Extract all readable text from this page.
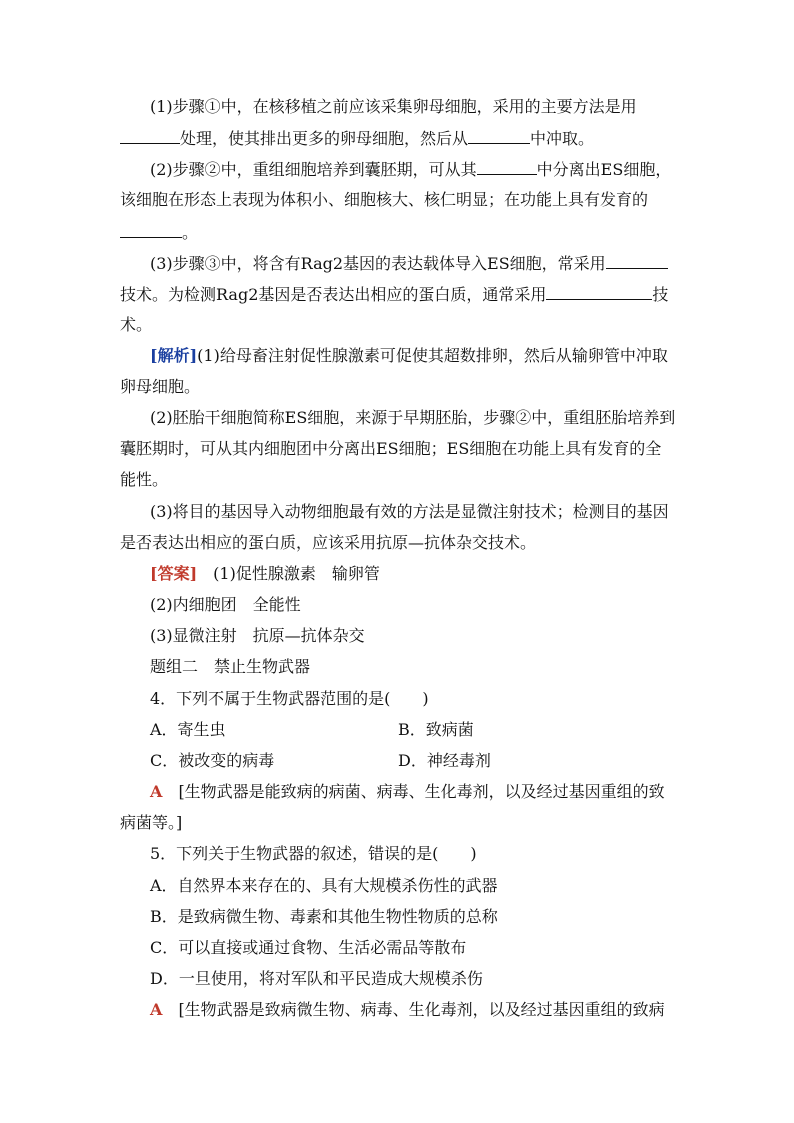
(1)步骤①中，在核移植之前应该采集卵母细胞，采用的主要方法是用
处理，使其排出更多的卵母细胞，然后从	中冲取。
(2)步骤②中，重组细胞培养到囊胚期，可从其	中分离出ES细胞，
该细胞在形态上表现为体积小、细胞核大、核仁明显；在功能上具有发育的
。
(3)步骤③中，将含有Rag2基因的表达载体导入ES细胞，常采用
技术。为检测Rag2基因是否表达出相应的蛋白质，通常采用	技
术。
[解析](1)给母畜注射促性腺激素可促使其超数排卵，然后从输卵管中冲取
卵母细胞。
(2)胚胎干细胞简称ES细胞，来源于早期胚胎，步骤②中，重组胚胎培养到
囊胚期时，可从其内细胞团中分离出ES细胞；ES细胞在功能上具有发育的全
能性。
(3)将目的基因导入动物细胞最有效的方法是显微注射技术；检测目的基因
是否表达出相应的蛋白质，应该采用抗原—抗体杂交技术。
[答案]　 (1)促性腺激素　输卵管
(2)内细胞团　全能性
(3)显微注射　抗原—抗体杂交
题组二　禁止生物武器
4．下列不属于生物武器范围的是(　　)
A．寄生虫	B．致病菌
C．被改变的病毒	D．神经毒剂
A　 [生物武器是能致病的病菌、病毒、生化毒剂，以及经过基因重组的致
病菌等。]
5．下列关于生物武器的叙述，错误的是(　　)
A．自然界本来存在的、具有大规模杀伤性的武器
B．是致病微生物、毒素和其他生物性物质的总称
C．可以直接或通过食物、生活必需品等散布
D．一旦使用，将对军队和平民造成大规模杀伤
A　 [生物武器是致病微生物、病毒、生化毒剂，以及经过基因重组的致病
